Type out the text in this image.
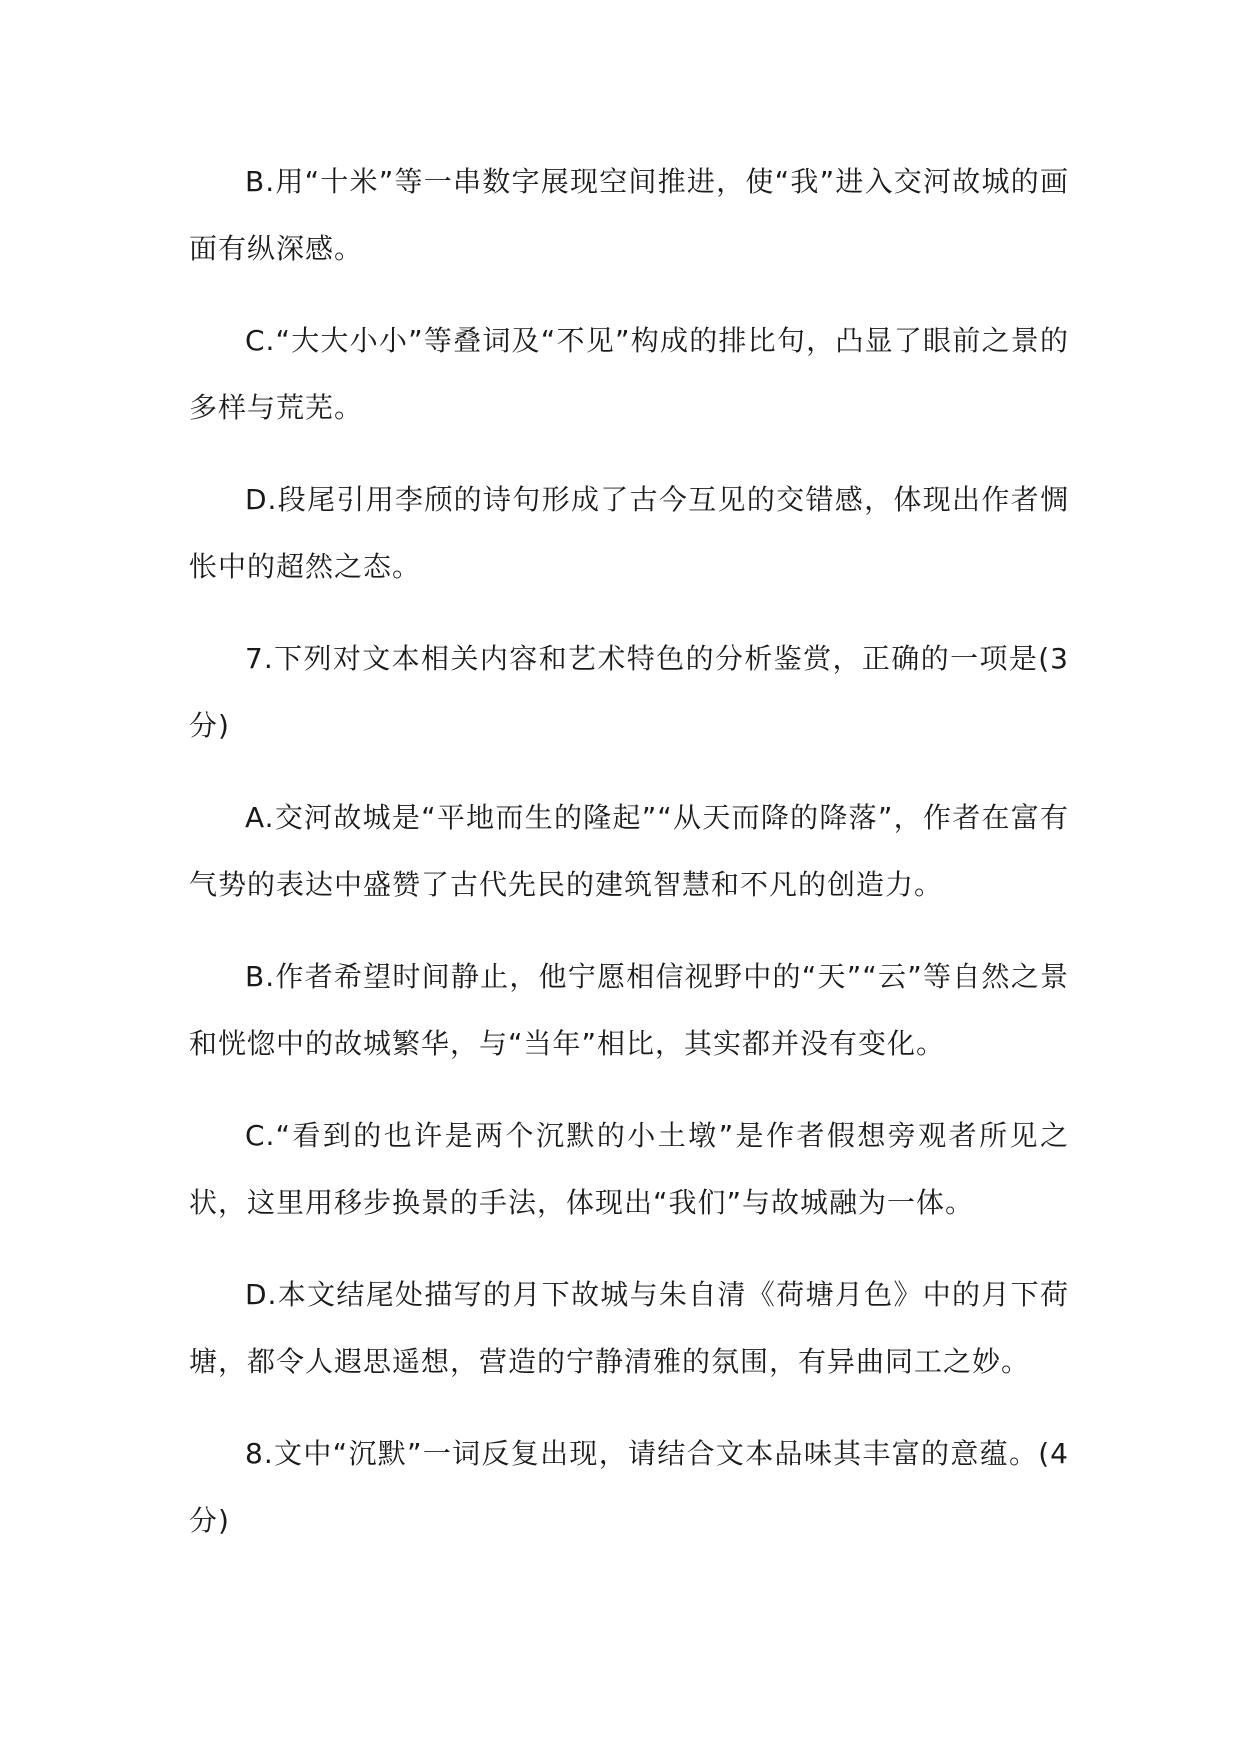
B.用“十米”等一串数字展现空间推进，使“我”进入交河故城的画面有纵深感。

C.“大大小小”等叠词及“不见”构成的排比句，凸显了眼前之景的多样与荒芜。

D.段尾引用李颀的诗句形成了古今互见的交错感，体现出作者惆怅中的超然之态。

7.下列对文本相关内容和艺术特色的分析鉴赏，正确的一项是(3分)

A.交河故城是“平地而生的隆起”“从天而降的降落”，作者在富有气势的表达中盛赞了古代先民的建筑智慧和不凡的创造力。

B.作者希望时间静止，他宁愿相信视野中的“天”“云”等自然之景和恍惚中的故城繁华，与“当年”相比，其实都并没有变化。

C.“看到的也许是两个沉默的小土墩”是作者假想旁观者所见之状，这里用移步换景的手法，体现出“我们”与故城融为一体。

D.本文结尾处描写的月下故城与朱自清《荷塘月色》中的月下荷塘，都令人遐思遥想，营造的宁静清雅的氛围，有异曲同工之妙。

8.文中“沉默”一词反复出现，请结合文本品味其丰富的意蕴。(4分)
